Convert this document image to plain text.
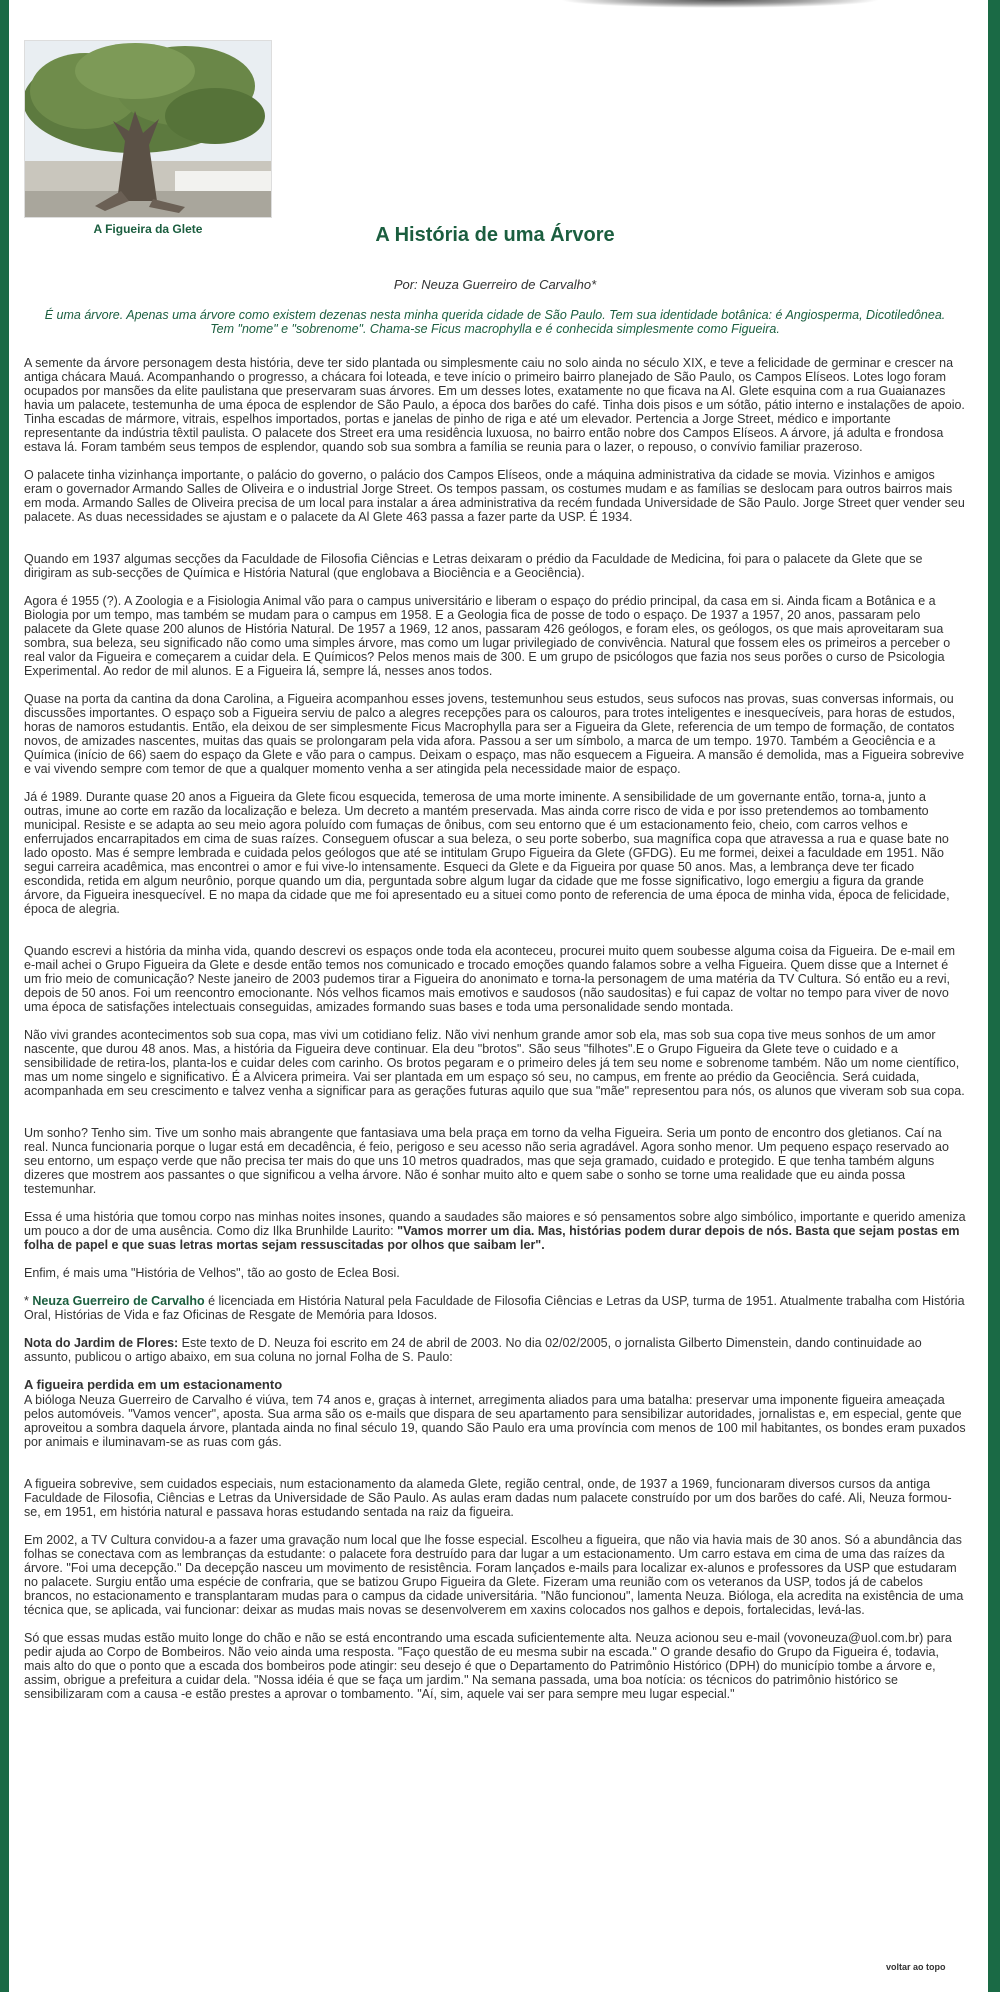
A Figueira da Glete	A História de uma Árvore
Por: Neuza Guerreiro de Carvalho*
É uma árvore. Apenas uma árvore como existem dezenas nesta minha querida cidade de São Paulo. Tem sua identidade botânica: é Angiosperma, Dicotiledônea. Tem "nome" e "sobrenome". Chama-se Ficus macrophylla e é conhecida simplesmente como Figueira.

A semente da árvore personagem desta história, deve ter sido plantada ou simplesmente caiu no solo ainda no século XIX, e teve a felicidade de germinar e crescer na antiga chácara Mauá. Acompanhando o progresso, a chácara foi loteada, e teve início o primeiro bairro planejado de São Paulo, os Campos Elíseos. Lotes logo foram ocupados por mansões da elite paulistana que preservaram suas árvores. Em um desses lotes, exatamente no que ficava na Al. Glete esquina com a rua Guaianazes havia um palacete, testemunha de uma época de esplendor de São Paulo, a época dos barões do café. Tinha dois pisos e um sótão, pátio interno e instalações de apoio. Tinha escadas de mármore, vitrais, espelhos importados, portas e janelas de pinho de riga e até um elevador. Pertencia a Jorge Street, médico e importante representante da indústria têxtil paulista. O palacete dos Street era uma residência luxuosa, no bairro então nobre dos Campos Elíseos. A árvore, já adulta e frondosa estava lá. Foram também seus tempos de esplendor, quando sob sua sombra a família se reunia para o lazer, o repouso, o convívio familiar prazeroso.

O palacete tinha vizinhança importante, o palácio do governo, o palácio dos Campos Elíseos, onde a máquina administrativa da cidade se movia. Vizinhos e amigos eram o governador Armando Salles de Oliveira e o industrial Jorge Street. Os tempos passam, os costumes mudam e as famílias se deslocam para outros bairros mais em moda. Armando Salles de Oliveira precisa de um local para instalar a área administrativa da recém fundada Universidade de São Paulo. Jorge Street quer vender seu palacete. As duas necessidades se ajustam e o palacete da Al Glete 463 passa a fazer parte da USP. É 1934.

Quando em 1937 algumas secções da Faculdade de Filosofia Ciências e Letras deixaram o prédio da Faculdade de Medicina, foi para o palacete da Glete que se dirigiram as sub-secções de Química e História Natural (que englobava a Biociência e a Geociência).

Agora é 1955 (?). A Zoologia e a Fisiologia Animal vão para o campus universitário e liberam o espaço do prédio principal, da casa em si. Ainda ficam a Botânica e a Biologia por um tempo, mas também se mudam para o campus em 1958. E a Geologia fica de posse de todo o espaço. De 1937 a 1957, 20 anos, passaram pelo palacete da Glete quase 200 alunos de História Natural. De 1957 a 1969, 12 anos, passaram 426 geólogos, e foram eles, os geólogos, os que mais aproveitaram sua sombra, sua beleza, seu significado não como uma simples árvore, mas como um lugar privilegiado de convivência. Natural que fossem eles os primeiros a perceber o real valor da Figueira e começarem a cuidar dela. E Químicos? Pelos menos mais de 300. E um grupo de psicólogos que fazia nos seus porões o curso de Psicologia Experimental. Ao redor de mil alunos. E a Figueira lá, sempre lá, nesses anos todos.

Quase na porta da cantina da dona Carolina, a Figueira acompanhou esses jovens, testemunhou seus estudos, seus sufocos nas provas, suas conversas informais, ou discussões importantes. O espaço sob a Figueira serviu de palco a alegres recepções para os calouros, para trotes inteligentes e inesquecíveis, para horas de estudos, horas de namoros estudantis. Então, ela deixou de ser simplesmente Ficus Macrophylla para ser a Figueira da Glete, referencia de um tempo de formação, de contatos novos, de amizades nascentes, muitas das quais se prolongaram pela vida afora. Passou a ser um símbolo, a marca de um tempo. 1970. Também a Geociência e a Química (início de 66) saem do espaço da Glete e vão para o campus. Deixam o espaço, mas não esquecem a Figueira. A mansão é demolida, mas a Figueira sobrevive e vai vivendo sempre com temor de que a qualquer momento venha a ser atingida pela necessidade maior de espaço.

Já é 1989. Durante quase 20 anos a Figueira da Glete ficou esquecida, temerosa de uma morte iminente. A sensibilidade de um governante então, torna-a, junto a outras, imune ao corte em razão da localização e beleza. Um decreto a mantém preservada. Mas ainda corre risco de vida e por isso pretendemos ao tombamento municipal. Resiste e se adapta ao seu meio agora poluído com fumaças de ônibus, com seu entorno que é um estacionamento feio, cheio, com carros velhos e enferrujados encarrapitados em cima de suas raízes. Conseguem ofuscar a sua beleza, o seu porte soberbo, sua magnífica copa que atravessa a rua e quase bate no lado oposto. Mas é sempre lembrada e cuidada pelos geólogos que até se intitulam Grupo Figueira da Glete (GFDG). Eu me formei, deixei a faculdade em 1951. Não segui carreira acadêmica, mas encontrei o amor e fui vive-lo intensamente. Esqueci da Glete e da Figueira por quase 50 anos. Mas, a lembrança deve ter ficado escondida, retida em algum neurônio, porque quando um dia, perguntada sobre algum lugar da cidade que me fosse significativo, logo emergiu a figura da grande árvore, da Figueira inesquecível. E no mapa da cidade que me foi apresentado eu a situei como ponto de referencia de uma época de minha vida, época de felicidade, época de alegria.

Quando escrevi a história da minha vida, quando descrevi os espaços onde toda ela aconteceu, procurei muito quem soubesse alguma coisa da Figueira. De e-mail em e-mail achei o Grupo Figueira da Glete e desde então temos nos comunicado e trocado emoções quando falamos sobre a velha Figueira. Quem disse que a Internet é um frio meio de comunicação? Neste janeiro de 2003 pudemos tirar a Figueira do anonimato e torna-la personagem de uma matéria da TV Cultura. Só então eu a revi, depois de 50 anos. Foi um reencontro emocionante. Nós velhos ficamos mais emotivos e saudosos (não saudositas) e fui capaz de voltar no tempo para viver de novo uma época de satisfações intelectuais conseguidas, amizades formando suas bases e toda uma personalidade sendo montada.

Não vivi grandes acontecimentos sob sua copa, mas vivi um cotidiano feliz. Não vivi nenhum grande amor sob ela, mas sob sua copa tive meus sonhos de um amor nascente, que durou 48 anos. Mas, a história da Figueira deve continuar. Ela deu "brotos". São seus "filhotes".E o Grupo Figueira da Glete teve o cuidado e a sensibilidade de retira-los, planta-los e cuidar deles com carinho. Os brotos pegaram e o primeiro deles já tem seu nome e sobrenome também. Não um nome científico, mas um nome singelo e significativo. É a Alvicera primeira. Vai ser plantada em um espaço só seu, no campus, em frente ao prédio da Geociência. Será cuidada, acompanhada em seu crescimento e talvez venha a significar para as gerações futuras aquilo que sua "mãe" representou para nós, os alunos que viveram sob sua copa.

Um sonho? Tenho sim. Tive um sonho mais abrangente que fantasiava uma bela praça em torno da velha Figueira. Seria um ponto de encontro dos gletianos. Caí na real. Nunca funcionaria porque o lugar está em decadência, é feio, perigoso e seu acesso não seria agradável. Agora sonho menor. Um pequeno espaço reservado ao seu entorno, um espaço verde que não precisa ter mais do que uns 10 metros quadrados, mas que seja gramado, cuidado e protegido. E que tenha também alguns dizeres que mostrem aos passantes o que significou a velha árvore. Não é sonhar muito alto e quem sabe o sonho se torne uma realidade que eu ainda possa testemunhar.

Essa é uma história que tomou corpo nas minhas noites insones, quando a saudades são maiores e só pensamentos sobre algo simbólico, importante e querido ameniza um pouco a dor de uma ausência. Como diz Ilka Brunhilde Laurito: "Vamos morrer um dia. Mas, histórias podem durar depois de nós. Basta que sejam postas em folha de papel e que suas letras mortas sejam ressuscitadas por olhos que saibam ler".

Enfim, é mais uma "História de Velhos", tão ao gosto de Eclea Bosi.

* Neuza Guerreiro de Carvalho é licenciada em História Natural pela Faculdade de Filosofia Ciências e Letras da USP, turma de 1951. Atualmente trabalha com História Oral, Histórias de Vida e faz Oficinas de Resgate de Memória para Idosos.

Nota do Jardim de Flores: Este texto de D. Neuza foi escrito em 24 de abril de 2003. No dia 02/02/2005, o jornalista Gilberto Dimenstein, dando continuidade ao assunto, publicou o artigo abaixo, em sua coluna no jornal Folha de S. Paulo:

A figueira perdida em um estacionamento
A bióloga Neuza Guerreiro de Carvalho é viúva, tem 74 anos e, graças à internet, arregimenta aliados para uma batalha: preservar uma imponente figueira ameaçada pelos automóveis. "Vamos vencer", aposta. Sua arma são os e-mails que dispara de seu apartamento para sensibilizar autoridades, jornalistas e, em especial, gente que aproveitou a sombra daquela árvore, plantada ainda no final século 19, quando São Paulo era uma província com menos de 100 mil habitantes, os bondes eram puxados por animais e iluminavam-se as ruas com gás.

A figueira sobrevive, sem cuidados especiais, num estacionamento da alameda Glete, região central, onde, de 1937 a 1969, funcionaram diversos cursos da antiga Faculdade de Filosofia, Ciências e Letras da Universidade de São Paulo. As aulas eram dadas num palacete construído por um dos barões do café. Ali, Neuza formou-se, em 1951, em história natural e passava horas estudando sentada na raiz da figueira.

Em 2002, a TV Cultura convidou-a a fazer uma gravação num local que lhe fosse especial. Escolheu a figueira, que não via havia mais de 30 anos. Só a abundância das folhas se conectava com as lembranças da estudante: o palacete fora destruído para dar lugar a um estacionamento. Um carro estava em cima de uma das raízes da árvore. "Foi uma decepção." Da decepção nasceu um movimento de resistência. Foram lançados e-mails para localizar ex-alunos e professores da USP que estudaram no palacete. Surgiu então uma espécie de confraria, que se batizou Grupo Figueira da Glete. Fizeram uma reunião com os veteranos da USP, todos já de cabelos brancos, no estacionamento e transplantaram mudas para o campus da cidade universitária. "Não funcionou", lamenta Neuza. Bióloga, ela acredita na existência de uma técnica que, se aplicada, vai funcionar: deixar as mudas mais novas se desenvolverem em xaxins colocados nos galhos e depois, fortalecidas, levá-las.

Só que essas mudas estão muito longe do chão e não se está encontrando uma escada suficientemente alta. Neuza acionou seu e-mail (vovoneuza@uol.com.br) para pedir ajuda ao Corpo de Bombeiros. Não veio ainda uma resposta. "Faço questão de eu mesma subir na escada." O grande desafio do Grupo da Figueira é, todavia, mais alto do que o ponto que a escada dos bombeiros pode atingir: seu desejo é que o Departamento do Patrimônio Histórico (DPH) do município tombe a árvore e, assim, obrigue a prefeitura a cuidar dela. "Nossa idéia é que se faça um jardim." Na semana passada, uma boa notícia: os técnicos do patrimônio histórico se sensibilizaram com a causa -e estão prestes a aprovar o tombamento. "Aí, sim, aquele vai ser para sempre meu lugar especial."

voltar ao topo
